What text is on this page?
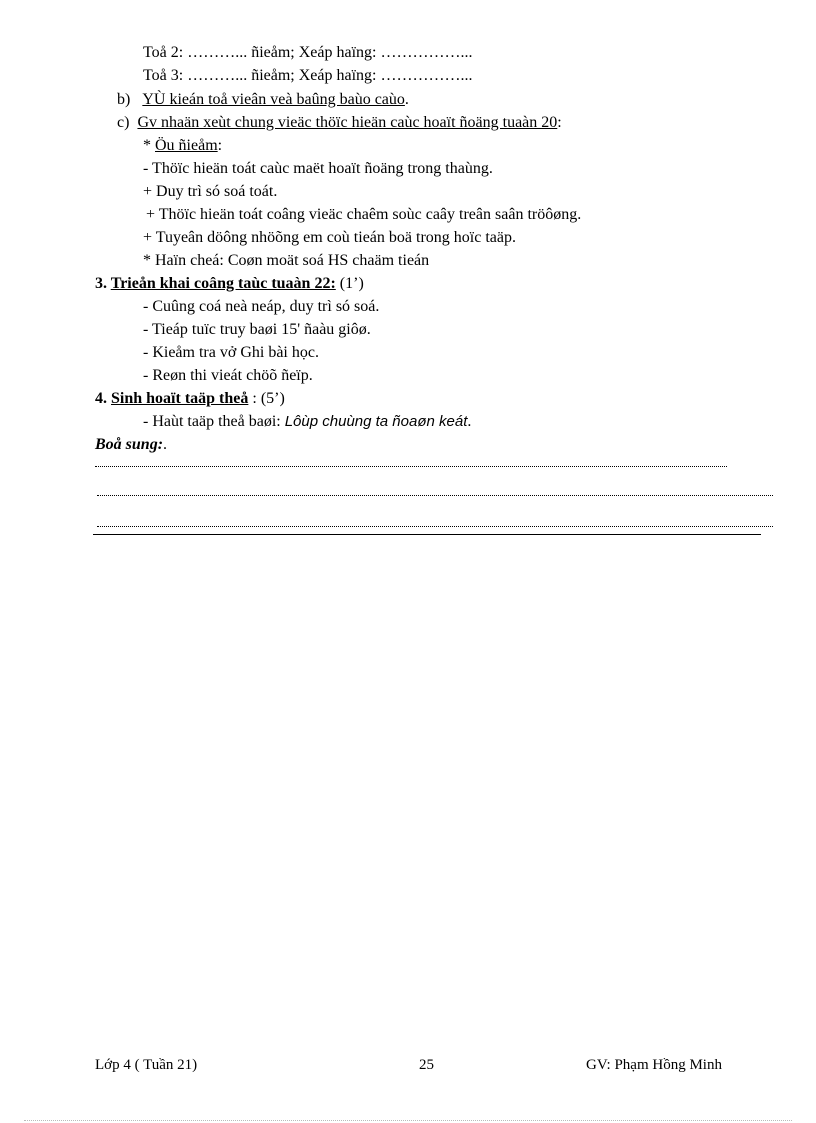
Toå 2: ………... ñieåm; Xeáp haïng: ……………...
Toå 3: ………... ñieåm; Xeáp haïng: ……………...
b) YÙ kieán toå vieân veà baûng baùo caùo.
c) Gv nhaän xeùt chung vieäc thöïc hieän caùc hoaït ñoäng tuaàn 20:
* Öu ñieåm:
- Thöïc hieän toát caùc maët hoaït ñoäng trong thaùng.
+ Duy trì só soá toát.
+ Thöïc hieän toát coâng vieäc chaêm soùc caây treân saân tröôøng.
+ Tuyeân döông nhöõng em coù tieán boä trong hoïc taäp.
* Haïn cheá: Coøn moät soá HS chaäm tieán
3. Trieån khai coâng taùc tuaàn 22: (1’)
- Cuûng coá neà neáp, duy trì só soá.
- Tieáp tuïc truy baøi 15' ñaàu giôø.
- Kieåm tra vở Ghi bài học.
- Reøn thi vieát chöõ ñeïp.
4. Sinh hoaït taäp theå : (5’)
- Haùt taäp theå baøi: Lôùp chuùng ta ñoaøn keát.
Boå sung:.
Lớp 4 ( Tuần 21)	25	GV: Phạm Hồng Minh
